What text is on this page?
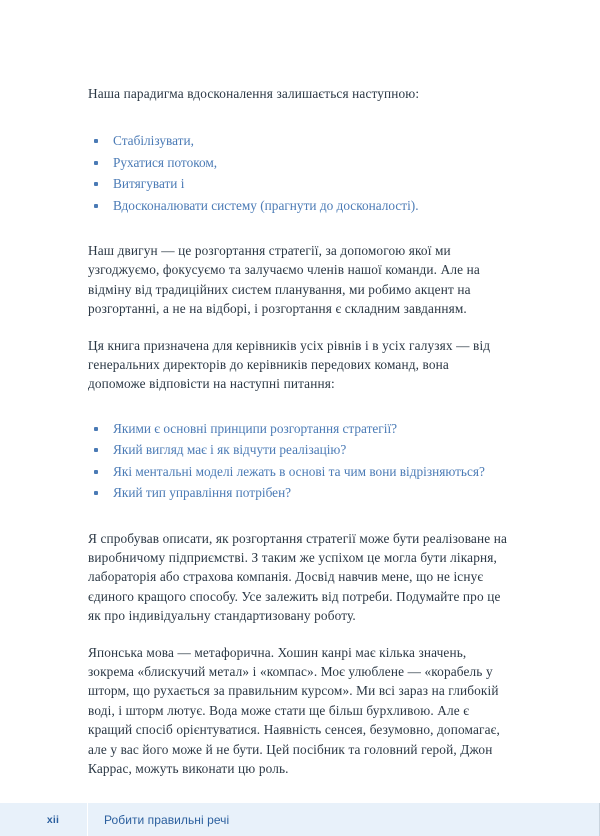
Наша парадигма вдосконалення залишається наступною:

Стабілізувати,
Рухатися потоком,
Витягувати і
Вдосконалювати систему (прагнути до досконалості).

Наш двигун — це розгортання стратегії, за допомогою якої ми узгоджуємо, фокусуємо та залучаємо членів нашої команди. Але на відміну від традиційних систем планування, ми робимо акцент на розгортанні, а не на відборі, і розгортання є складним завданням.

Ця книга призначена для керівників усіх рівнів і в усіх галузях — від генеральних директорів до керівників передових команд, вона допоможе відповісти на наступні питання:

Якими є основні принципи розгортання стратегії?
Який вигляд має і як відчути реалізацію?
Які ментальні моделі лежать в основі та чим вони відрізняються?
Який тип управління потрібен?

Я спробував описати, як розгортання стратегії може бути реалізоване на виробничому підприємстві. З таким же успіхом це могла бути лікарня, лабораторія або страхова компанія. Досвід навчив мене, що не існує єдиного кращого способу. Усе залежить від потреби. Подумайте про це як про індивідуальну стандартизовану роботу.

Японська мова — метафорична. Хошин канрі має кілька значень, зокрема «блискучий метал» і «компас». Моє улюблене — «корабель у шторм, що рухається за правильним курсом». Ми всі зараз на глибокій воді, і шторм лютує. Вода може стати ще більш бурхливою. Але є кращий спосіб орієнтуватися. Наявність сенсея, безумовно, допомагає, але у вас його може й не бути. Цей посібник та головний герой, Джон Каррас, можуть виконати цю роль.

xii	Робити правильні речі
